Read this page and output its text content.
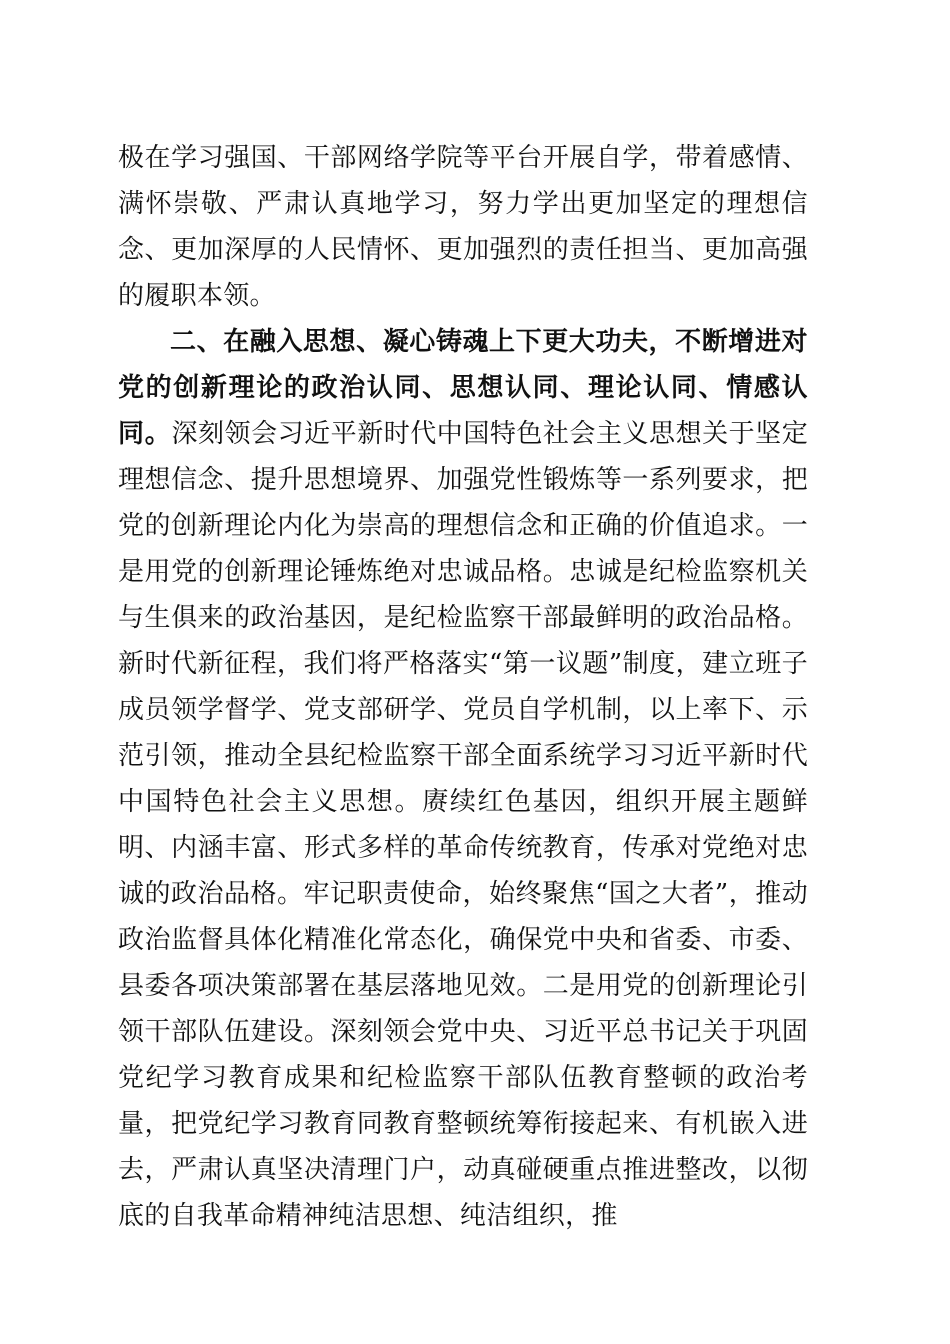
极在学习强国、干部网络学院等平台开展自学，带着感情、满怀崇敬、严肃认真地学习，努力学出更加坚定的理想信念、更加深厚的人民情怀、更加强烈的责任担当、更加高强的履职本领。

二、在融入思想、凝心铸魂上下更大功夫，不断增进对党的创新理论的政治认同、思想认同、理论认同、情感认同。深刻领会习近平新时代中国特色社会主义思想关于坚定理想信念、提升思想境界、加强党性锻炼等一系列要求，把党的创新理论内化为崇高的理想信念和正确的价值追求。一是用党的创新理论锤炼绝对忠诚品格。忠诚是纪检监察机关与生俱来的政治基因，是纪检监察干部最鲜明的政治品格。新时代新征程，我们将严格落实“第一议题”制度，建立班子成员领学督学、党支部研学、党员自学机制，以上率下、示范引领，推动全县纪检监察干部全面系统学习习近平新时代中国特色社会主义思想。赓续红色基因，组织开展主题鲜明、内涵丰富、形式多样的革命传统教育，传承对党绝对忠诚的政治品格。牢记职责使命，始终聚焦“国之大者”，推动政治监督具体化精准化常态化，确保党中央和省委、市委、县委各项决策部署在基层落地见效。二是用党的创新理论引领干部队伍建设。深刻领会党中央、习近平总书记关于巩固党纪学习教育成果和纪检监察干部队伍教育整顿的政治考量，把党纪学习教育同教育整顿统筹衔接起来、有机嵌入进去，严肃认真坚决清理门户，动真碰硬重点推进整改，以彻底的自我革命精神纯洁思想、纯洁组织，推
